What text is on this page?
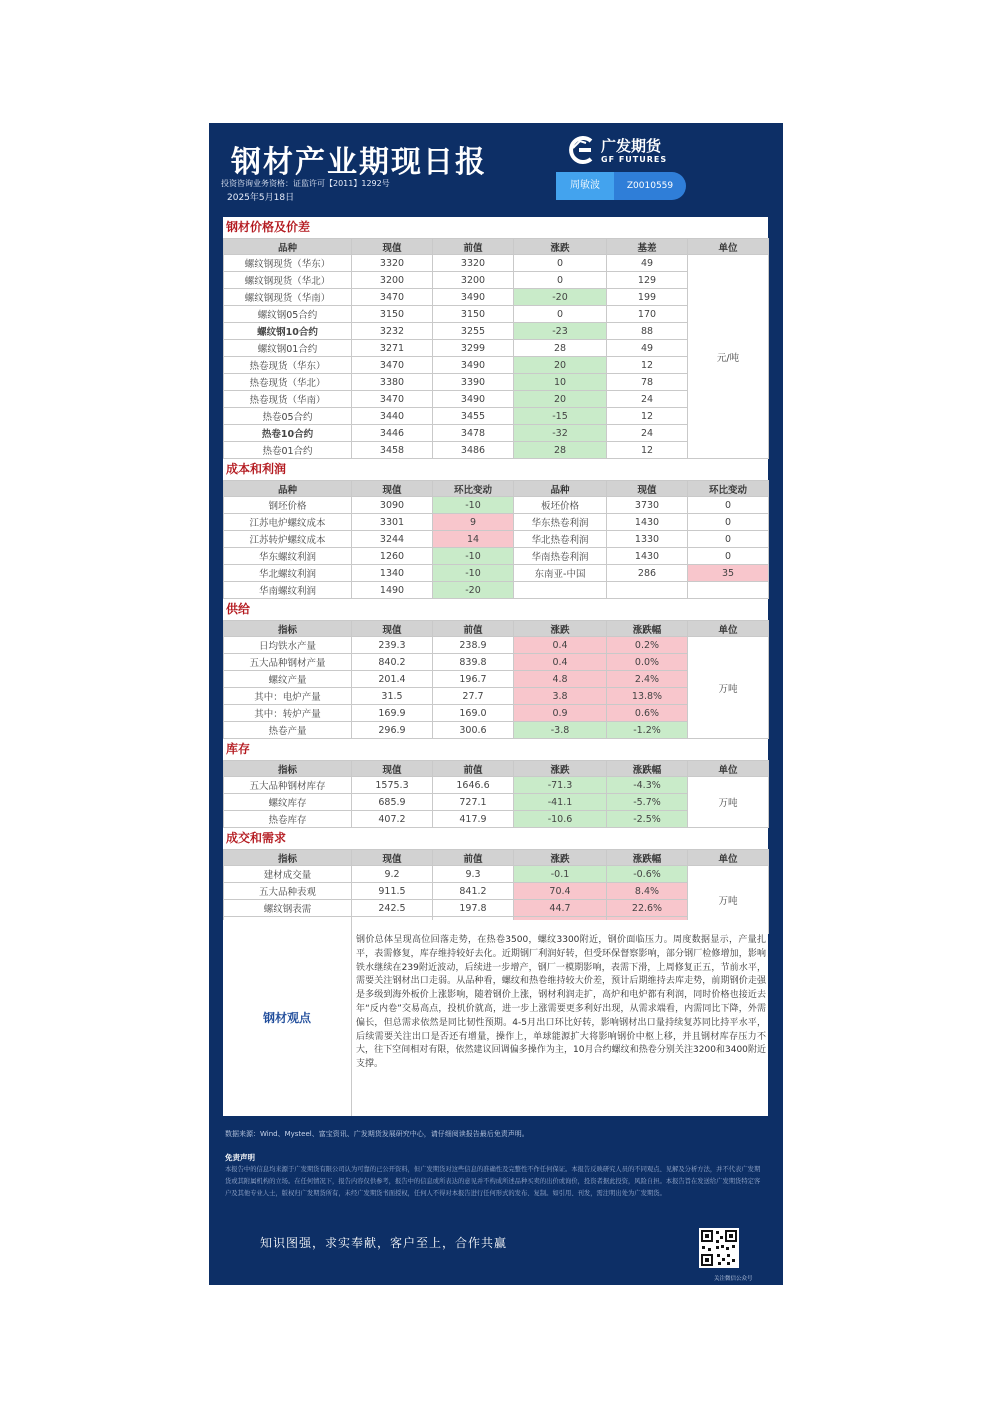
钢材产业期现日报
投资咨询业务资格：证监许可【2011】1292号
2025年5月18日
广发期货
GF FUTURES
周敏波	Z0010559
钢材价格及价差
品种	现值	前值	涨跌	基差	单位
螺纹钢现货（华东）	3320	3320	0	49	元/吨
螺纹钢现货（华北）	3200	3200	0	129	
螺纹钢现货（华南）	3470	3490	-20	199	
螺纹钢05合约	3150	3150	0	170	
螺纹钢10合约	3232	3255	-23	88	
螺纹钢01合约	3271	3299	28	49	
热卷现货（华东）	3470	3490	20	12	
热卷现货（华北）	3380	3390	10	78	
热卷现货（华南）	3470	3490	20	24	
热卷05合约	3440	3455	-15	12	
热卷10合约	3446	3478	-32	24	
热卷01合约	3458	3486	28	12	
成本和利润
品种	现值	环比变动	品种	现值	环比变动
钢坯价格	3090	-10	板坯价格	3730	0
江苏电炉螺纹成本	3301	9	华东热卷利润	1430	0
江苏转炉螺纹成本	3244	14	华北热卷利润	1330	0
华东螺纹利润	1260	-10	华南热卷利润	1430	0
华北螺纹利润	1340	-10	东南亚-中国	286	35
华南螺纹利润	1490	-20			
供给
指标	现值	前值	涨跌	涨跌幅	单位
日均铁水产量	239.3	238.9	0.4	0.2%	万吨
五大品种钢材产量	840.2	839.8	0.4	0.0%	
螺纹产量	201.4	196.7	4.8	2.4%	
其中：电炉产量	31.5	27.7	3.8	13.8%	
其中：转炉产量	169.9	169.0	0.9	0.6%	
热卷产量	296.9	300.6	-3.8	-1.2%	
库存
指标	现值	前值	涨跌	涨跌幅	单位
五大品种钢材库存	1575.3	1646.6	-71.3	-4.3%	万吨
螺纹库存	685.9	727.1	-41.1	-5.7%	
热卷库存	407.2	417.9	-10.6	-2.5%	
成交和需求
指标	现值	前值	涨跌	涨跌幅	单位
建材成交量	9.2	9.3	-0.1	-0.6%	万吨
五大品种表观	911.5	841.2	70.4	8.4%	
螺纹钢表需	242.5	197.8	44.7	22.6%	

钢材观点
钢价总体呈现高位回落走势，在热卷3500，螺纹3300附近，钢价面临压力。周度数据显示，产量扎平，表需修复，库存维持较好去化。近期钢厂利润好转，但受环保督察影响，部分钢厂检修增加，影响铁水继续在239附近波动，后续进一步增产，钢厂一模期影响，表需下滑，上周修复正五，节前水平，需要关注钢材出口走弱。从品种看，螺纹和热卷维持较大价差，预计后期维持去库走势，前期钢价走强是多级到海外板价上涨影响，随着钢价上涨，钢材利润走扩，高炉和电炉都有利润，同时价格也接近去年“反内卷”交易高点，投机价就高，进一步上涨需要更多利好出现，从需求端看，内需同比下降，外需偏长，但总需求依然是同比韧性预期。4-5月出口环比好转，影响钢材出口量持续复苏同比持平水平，后续需要关注出口是否还有增量，操作上，单球能源扩大将影响钢价中枢上移，并且钢材库存压力不大，往下空间相对有限，依然建议回调偏多操作为主，10月合约螺纹和热卷分别关注3200和3400附近支撑。
数据来源：Wind、Mysteel、富宝资讯、广发期货发展研究中心，请仔细阅读报告最后免责声明。
免责声明
本报告中的信息均来源于广发期货有限公司认为可靠的已公开资料，但广发期货对这些信息的准确性及完整性不作任何保证。本报告反映研究人员的不同观点、见解及分析方法，并不代表广发期货或其附属机构的立场。在任何情况下，报告内容仅供参考，报告中的信息或所表达的意见并不构成所述品种买卖的出价或询价，投资者据此投资，风险自担。本报告旨在发送给广发期货特定客户及其他专业人士，版权归广发期货所有，未经广发期货书面授权，任何人不得对本报告进行任何形式的发布、复制。如引用、刊发，需注明出处为广发期货。
知识图强，求实奉献，客户至上，合作共赢
关注微信公众号
